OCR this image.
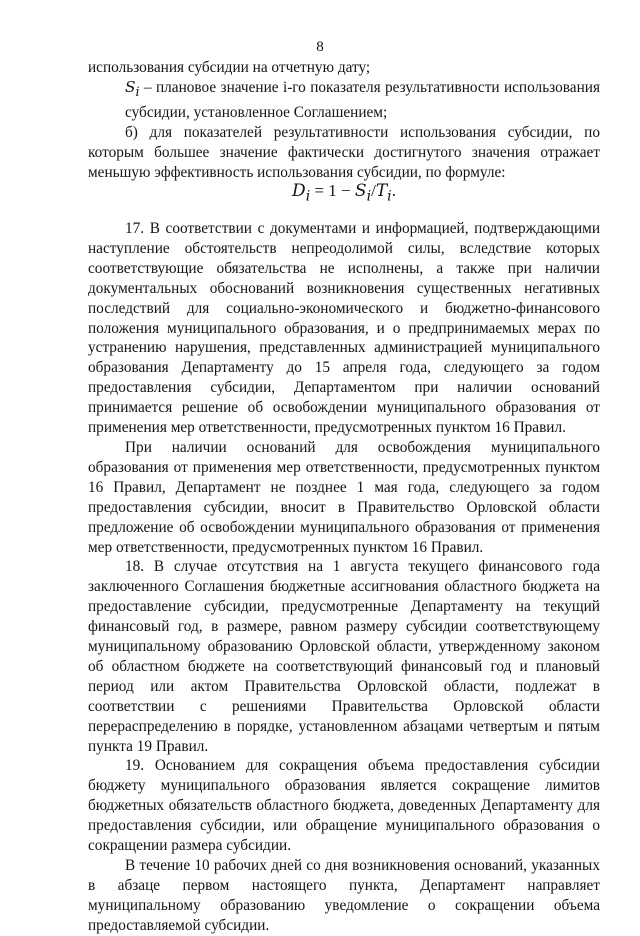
8

использования субсидии на отчетную дату;

$S_i$ – плановое значение i-го показателя результативности использования субсидии, установленное Соглашением;

б) для показателей результативности использования субсидии, по которым большее значение фактически достигнутого значения отражает меньшую эффективность использования субсидии, по формуле:

$D_i = 1 - S_i/T_i$.

17. В соответствии с документами и информацией, подтверждающими наступление обстоятельств непреодолимой силы, вследствие которых соответствующие обязательства не исполнены, а также при наличии документальных обоснований возникновения существенных негативных последствий для социально-экономического и бюджетно-финансового положения муниципального образования, и о предпринимаемых мерах по устранению нарушения, представленных администрацией муниципального образования Департаменту до 15 апреля года, следующего за годом предоставления субсидии, Департаментом при наличии оснований принимается решение об освобождении муниципального образования от применения мер ответственности, предусмотренных пунктом 16 Правил.

При наличии оснований для освобождения муниципального образования от применения мер ответственности, предусмотренных пунктом 16 Правил, Департамент не позднее 1 мая года, следующего за годом предоставления субсидии, вносит в Правительство Орловской области предложение об освобождении муниципального образования от применения мер ответственности, предусмотренных пунктом 16 Правил.

18. В случае отсутствия на 1 августа текущего финансового года заключенного Соглашения бюджетные ассигнования областного бюджета на предоставление субсидии, предусмотренные Департаменту на текущий финансовый год, в размере, равном размеру субсидии соответствующему муниципальному образованию Орловской области, утвержденному законом об областном бюджете на соответствующий финансовый год и плановый период или актом Правительства Орловской области, подлежат в соответствии с решениями Правительства Орловской области перераспределению в порядке, установленном абзацами четвертым и пятым пункта 19 Правил.

19. Основанием для сокращения объема предоставления субсидии бюджету муниципального образования является сокращение лимитов бюджетных обязательств областного бюджета, доведенных Департаменту для предоставления субсидии, или обращение муниципального образования о сокращении размера субсидии.

В течение 10 рабочих дней со дня возникновения оснований, указанных в абзаце первом настоящего пункта, Департамент направляет муниципальному образованию уведомление о сокращении объема предоставляемой субсидии.
